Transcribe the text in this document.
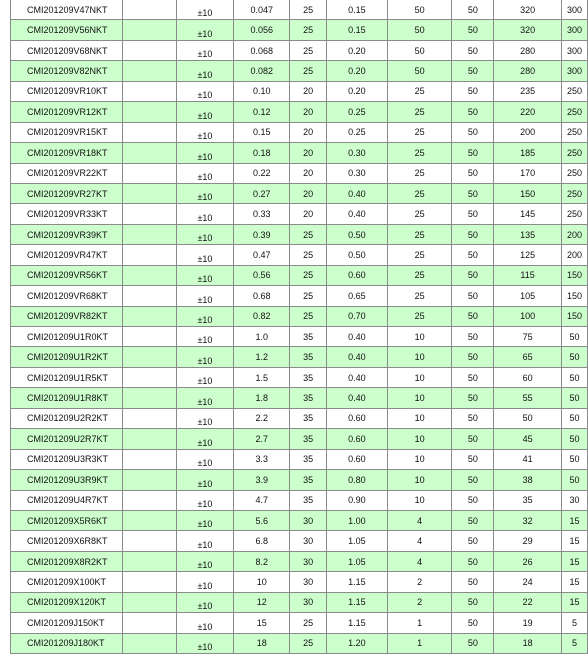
CMI201209V47NKT		±10	0.047	25	0.15	50	50	320	300
CMI201209V56NKT		±10	0.056	25	0.15	50	50	320	300
CMI201209V68NKT		±10	0.068	25	0.20	50	50	280	300
CMI201209V82NKT		±10	0.082	25	0.20	50	50	280	300
CMI201209VR10KT		±10	0.10	20	0.20	25	50	235	250
CMI201209VR12KT		±10	0.12	20	0.25	25	50	220	250
CMI201209VR15KT		±10	0.15	20	0.25	25	50	200	250
CMI201209VR18KT		±10	0.18	20	0.30	25	50	185	250
CMI201209VR22KT		±10	0.22	20	0.30	25	50	170	250
CMI201209VR27KT		±10	0.27	20	0.40	25	50	150	250
CMI201209VR33KT		±10	0.33	20	0.40	25	50	145	250
CMI201209VR39KT		±10	0.39	25	0.50	25	50	135	200
CMI201209VR47KT		±10	0.47	25	0.50	25	50	125	200
CMI201209VR56KT		±10	0.56	25	0.60	25	50	115	150
CMI201209VR68KT		±10	0.68	25	0.65	25	50	105	150
CMI201209VR82KT		±10	0.82	25	0.70	25	50	100	150
CMI201209U1R0KT		±10	1.0	35	0.40	10	50	75	50
CMI201209U1R2KT		±10	1.2	35	0.40	10	50	65	50
CMI201209U1R5KT		±10	1.5	35	0.40	10	50	60	50
CMI201209U1R8KT		±10	1.8	35	0.40	10	50	55	50
CMI201209U2R2KT		±10	2.2	35	0.60	10	50	50	50
CMI201209U2R7KT		±10	2.7	35	0.60	10	50	45	50
CMI201209U3R3KT		±10	3.3	35	0.60	10	50	41	50
CMI201209U3R9KT		±10	3.9	35	0.80	10	50	38	50
CMI201209U4R7KT		±10	4.7	35	0.90	10	50	35	30
CMI201209X5R6KT		±10	5.6	30	1.00	4	50	32	15
CMI201209X6R8KT		±10	6.8	30	1.05	4	50	29	15
CMI201209X8R2KT		±10	8.2	30	1.05	4	50	26	15
CMI201209X100KT		±10	10	30	1.15	2	50	24	15
CMI201209X120KT		±10	12	30	1.15	2	50	22	15
CMI201209J150KT		±10	15	25	1.15	1	50	19	5
CMI201209J180KT		±10	18	25	1.20	1	50	18	5
